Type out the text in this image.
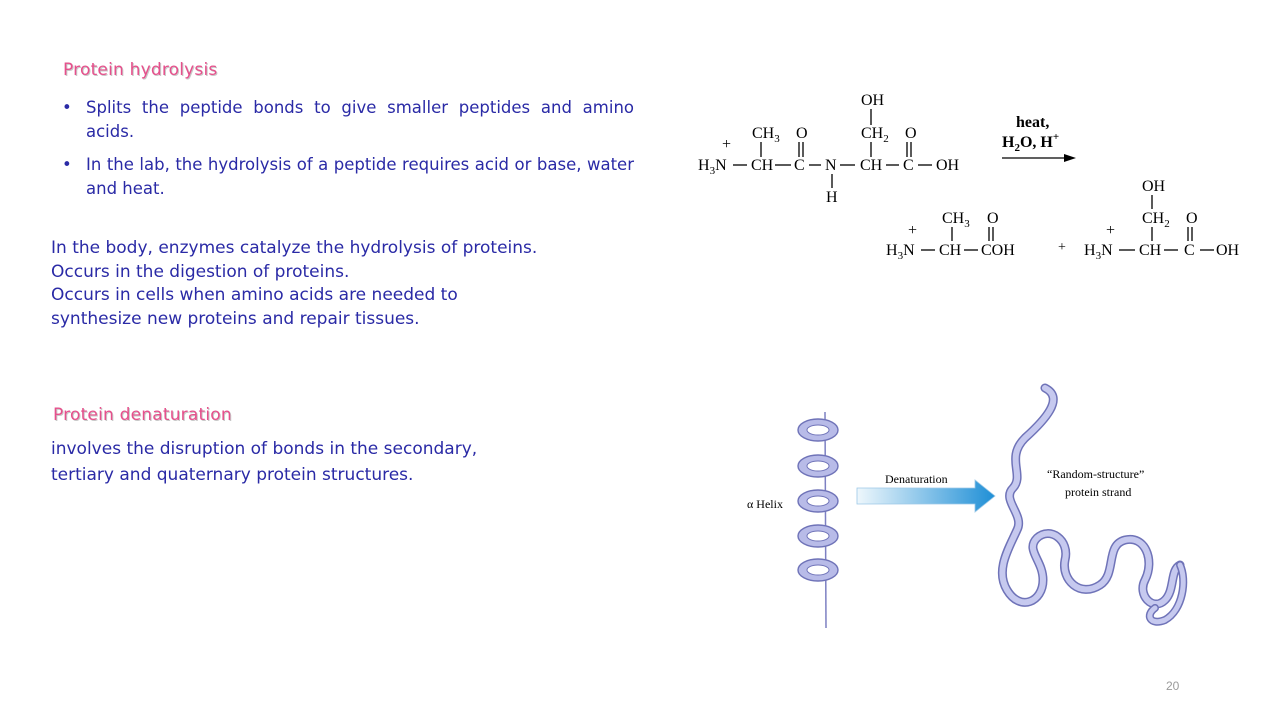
Protein hydrolysis
• Splits the peptide bonds to give smaller peptides and amino acids.
• In the lab, the hydrolysis of a peptide requires acid or base, water and heat.
In the body, enzymes catalyze the hydrolysis of proteins.
Occurs in the digestion of proteins.
Occurs in cells when amino acids are needed to
synthesize new proteins and repair tissues.
Protein denaturation
involves the disruption of bonds in the secondary,
tertiary and quaternary protein structures.
OH
$CH_3$ O	$CH_2$ O
+
$H_3N$ CH C N CH C OH
H
heat,
$H_2O$, H+
$CH_3$ O
+
$H_3N$ CH COH	+
OH
$CH_2$ O
+
$H_3N$ CH C OH
α Helix
Denaturation	“Random-structure”
protein strand
20
